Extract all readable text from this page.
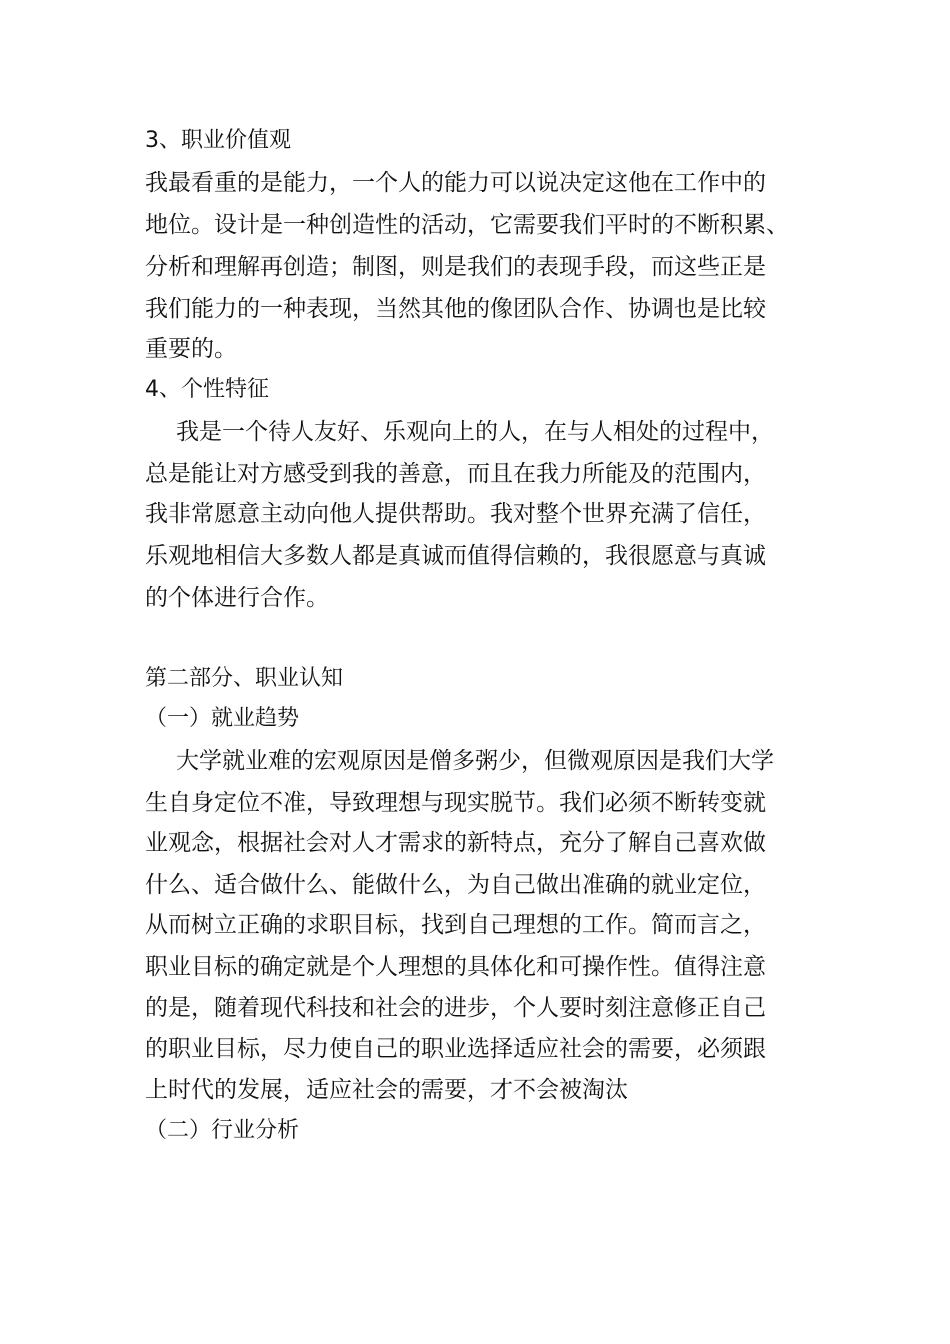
3、职业价值观

我最看重的是能力，一个人的能力可以说决定这他在工作中的

地位。设计是一种创造性的活动，它需要我们平时的不断积累、

分析和理解再创造；制图，则是我们的表现手段，而这些正是

我们能力的一种表现，当然其他的像团队合作、协调也是比较

重要的。

4、个性特征

我是一个待人友好、乐观向上的人，在与人相处的过程中，

总是能让对方感受到我的善意，而且在我力所能及的范围内，

我非常愿意主动向他人提供帮助。我对整个世界充满了信任，

乐观地相信大多数人都是真诚而值得信赖的，我很愿意与真诚

的个体进行合作。

第二部分、职业认知

（一）就业趋势

大学就业难的宏观原因是僧多粥少，但微观原因是我们大学

生自身定位不准，导致理想与现实脱节。我们必须不断转变就

业观念，根据社会对人才需求的新特点，充分了解自己喜欢做

什么、适合做什么、能做什么，为自己做出准确的就业定位，

从而树立正确的求职目标，找到自己理想的工作。简而言之，

职业目标的确定就是个人理想的具体化和可操作性。值得注意

的是，随着现代科技和社会的进步，个人要时刻注意修正自己

的职业目标，尽力使自己的职业选择适应社会的需要，必须跟

上时代的发展，适应社会的需要，才不会被淘汰

（二）行业分析
